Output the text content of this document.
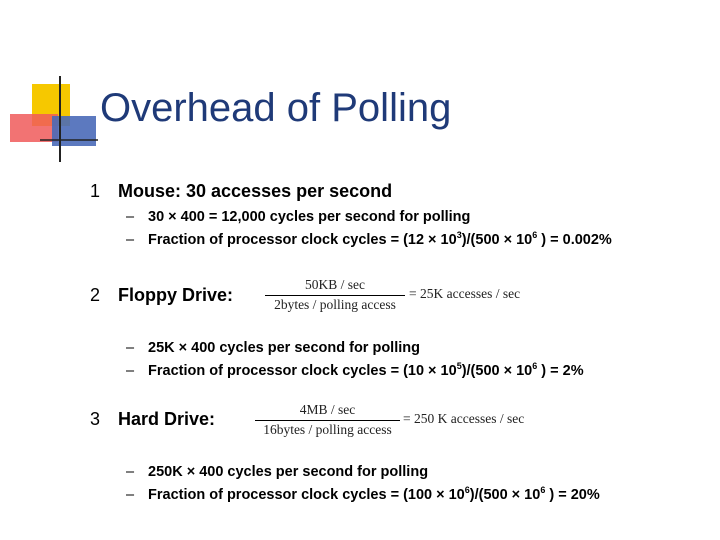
Overhead of Polling
1 Mouse: 30 accesses per second
– 30 × 400 = 12,000 cycles per second for polling
– Fraction of processor clock cycles = $(12 \times 10^3)/(500 \times 10^6$ ) = 0.002%
2 Floppy Drive:
50KB / sec
2bytes / polling access
= 25K accesses / sec
– 25K × 400 cycles per second for polling
– Fraction of processor clock cycles = $(10 \times 10^5)/(500 \times 10^6$ ) = 2%
3 Hard Drive:	4MB / sec
16bytes / polling access
= 250 K accesses / sec
– 250K × 400 cycles per second for polling
– Fraction of processor clock cycles = $(100 \times 10^6)/(500 \times 10^6$ ) = 20%
